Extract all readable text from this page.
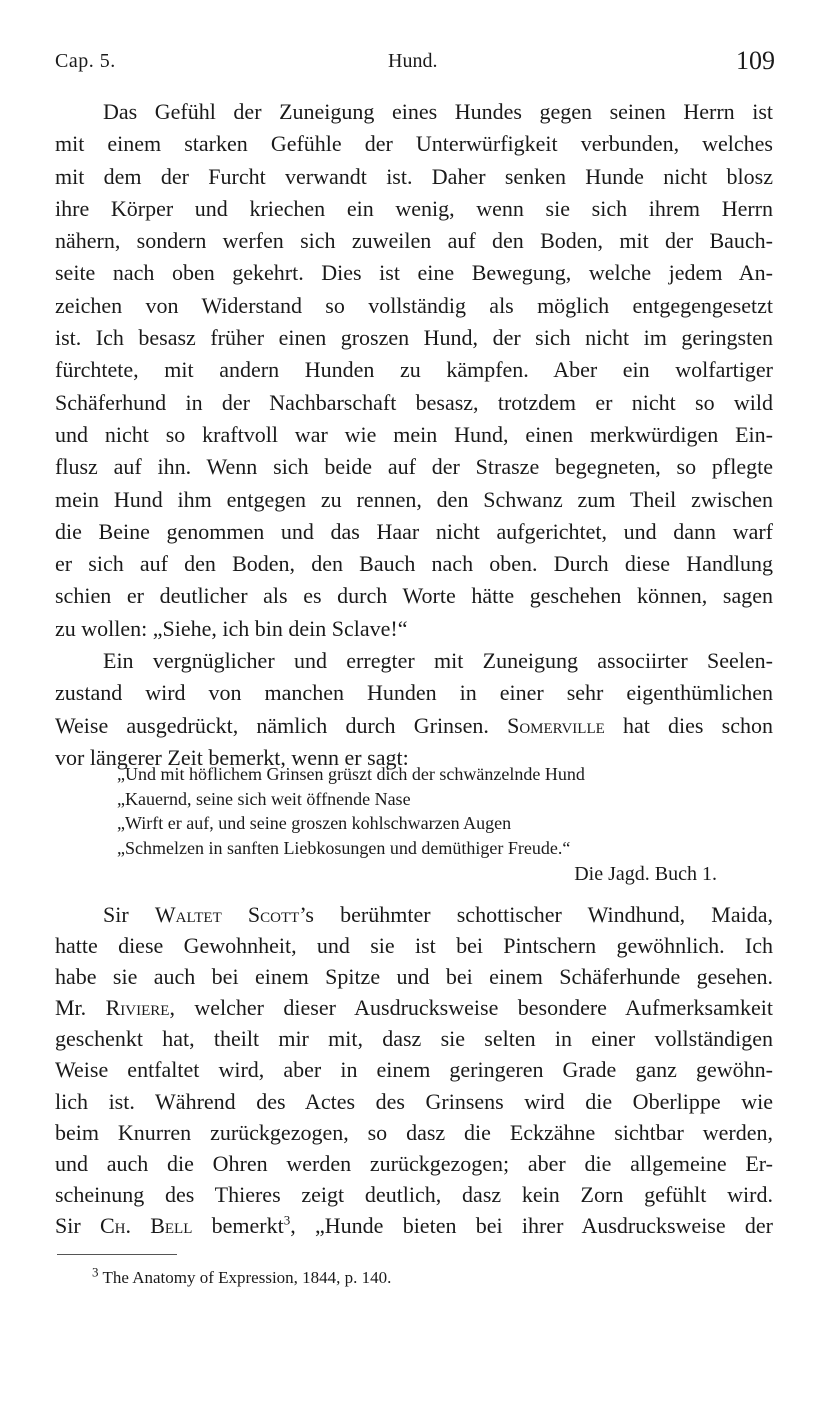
Cap. 5.	Hund.	109
Das Gefühl der Zuneigung eines Hundes gegen seinen Herrn ist
mit einem starken Gefühle der Unterwürfigkeit verbunden, welches
mit dem der Furcht verwandt ist. Daher senken Hunde nicht blosz
ihre Körper und kriechen ein wenig, wenn sie sich ihrem Herrn
nähern, sondern werfen sich zuweilen auf den Boden, mit der Bauch-
seite nach oben gekehrt. Dies ist eine Bewegung, welche jedem An-
zeichen von Widerstand so vollständig als möglich entgegengesetzt
ist. Ich besasz früher einen groszen Hund, der sich nicht im geringsten
fürchtete, mit andern Hunden zu kämpfen. Aber ein wolfartiger
Schäferhund in der Nachbarschaft besasz, trotzdem er nicht so wild
und nicht so kraftvoll war wie mein Hund, einen merkwürdigen Ein-
flusz auf ihn. Wenn sich beide auf der Strasze begegneten, so pflegte
mein Hund ihm entgegen zu rennen, den Schwanz zum Theil zwischen
die Beine genommen und das Haar nicht aufgerichtet, und dann warf
er sich auf den Boden, den Bauch nach oben. Durch diese Handlung
schien er deutlicher als es durch Worte hätte geschehen können, sagen
zu wollen: „Siehe, ich bin dein Sclave!“
Ein vergnüglicher und erregter mit Zuneigung associirter Seelen-
zustand wird von manchen Hunden in einer sehr eigenthümlichen
Weise ausgedrückt, nämlich durch Grinsen. Somerville hat dies schon
vor längerer Zeit bemerkt, wenn er sagt:
„Und mit höflichem Grinsen grüszt dich der schwänzelnde Hund
„Kauernd, seine sich weit öffnende Nase
„Wirft er auf, und seine groszen kohlschwarzen Augen
„Schmelzen in sanften Liebkosungen und demüthiger Freude.“
Die Jagd. Buch 1.
Sir Waltet Scott’s berühmter schottischer Windhund, Maida,
hatte diese Gewohnheit, und sie ist bei Pintschern gewöhnlich. Ich
habe sie auch bei einem Spitze und bei einem Schäferhunde gesehen.
Mr. Riviere, welcher dieser Ausdrucksweise besondere Aufmerksamkeit
geschenkt hat, theilt mir mit, dasz sie selten in einer vollständigen
Weise entfaltet wird, aber in einem geringeren Grade ganz gewöhn-
lich ist. Während des Actes des Grinsens wird die Oberlippe wie
beim Knurren zurückgezogen, so dasz die Eckzähne sichtbar werden,
und auch die Ohren werden zurückgezogen; aber die allgemeine Er-
scheinung des Thieres zeigt deutlich, dasz kein Zorn gefühlt wird.
Sir Ch. Bell bemerkt$^3$, „Hunde bieten bei ihrer Ausdrucksweise der
$^3$ The Anatomy of Expression, 1844, p. 140.
